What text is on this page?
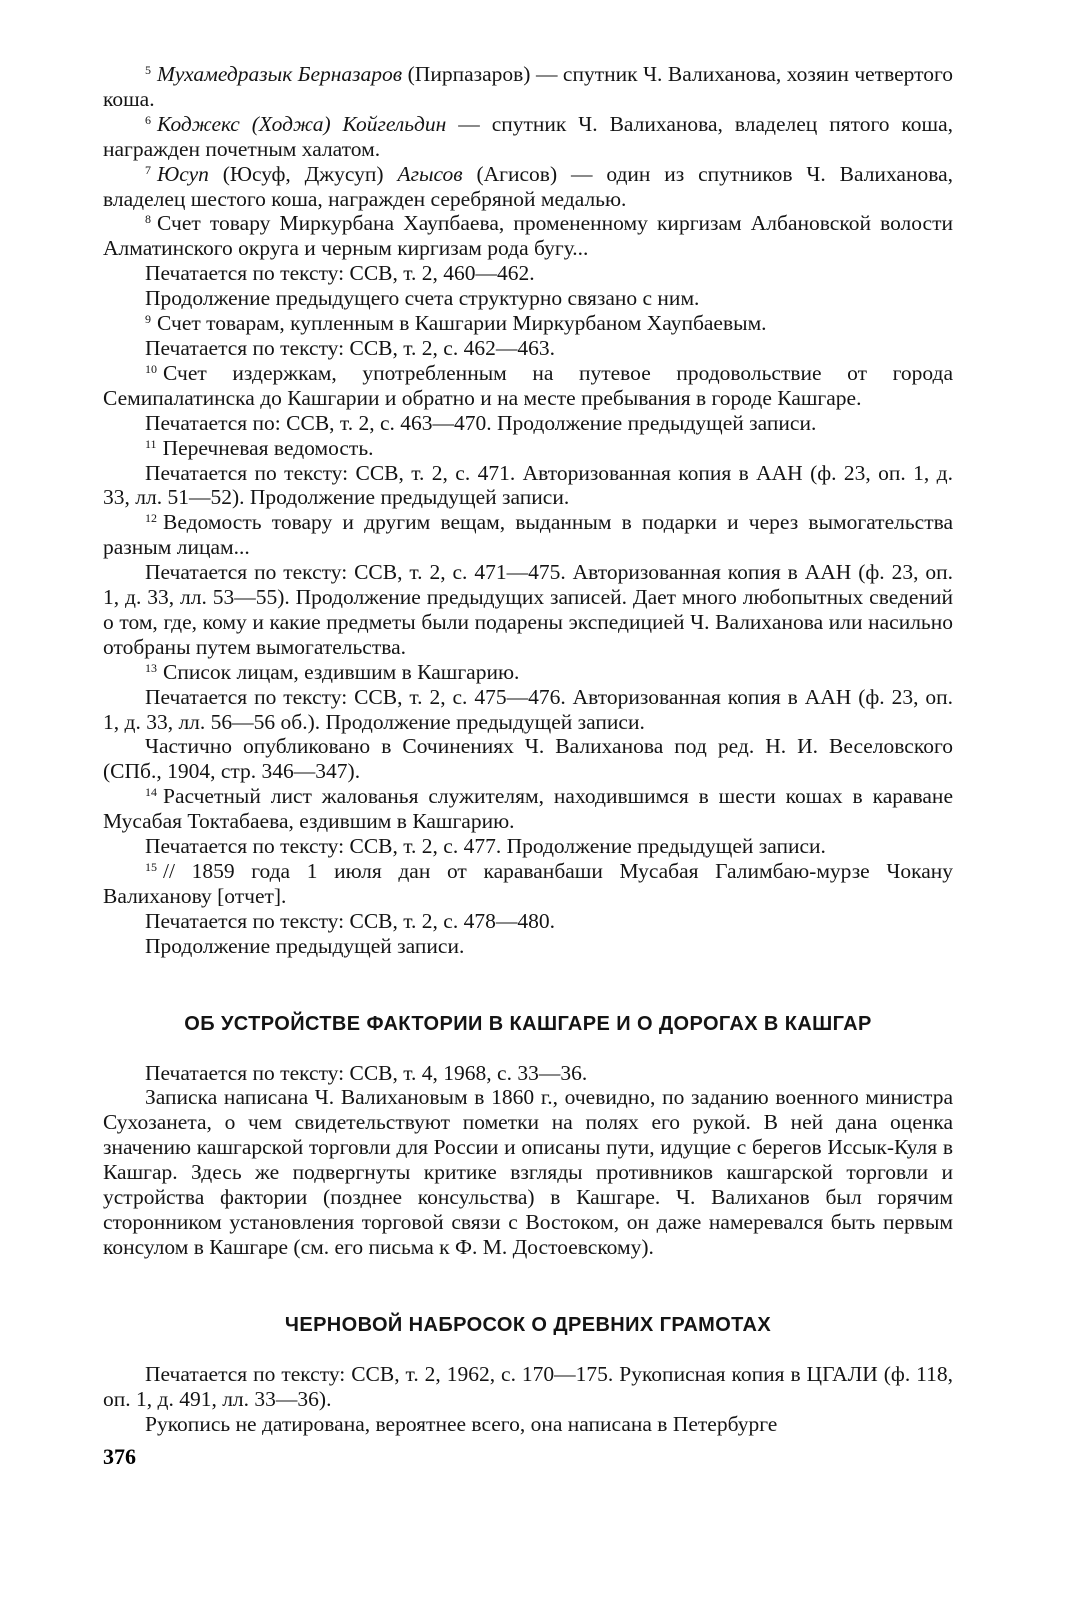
$^5$ Мухамедразык Берназаров (Пирпазаров) — спутник Ч. Валиханова, хозяин четвертого коша.

$^6$ Коджекс (Ходжа) Койгельдин — спутник Ч. Валиханова, владелец пятого коша, награжден почетным халатом.

$^7$ Юсуп (Юсуф, Джусуп) Агысов (Агисов) — один из спутников Ч. Валиханова, владелец шестого коша, награжден серебряной медалью.

$^8$ Счет товару Миркурбана Хаупбаева, промененному киргизам Албановской волости Алматинского округа и черным киргизам рода бугу...

Печатается по тексту: ССВ, т. 2, 460—462.

Продолжение предыдущего счета структурно связано с ним.

$^9$ Счет товарам, купленным в Кашгарии Миркурбаном Хаупбаевым.

Печатается по тексту: ССВ, т. 2, с. 462—463.

$^{10}$ Счет издержкам, употребленным на путевое продовольствие от города Семипалатинска до Кашгарии и обратно и на месте пребывания в городе Кашгаре.

Печатается по: ССВ, т. 2, с. 463—470. Продолжение предыдущей записи.

$^{11}$ Перечневая ведомость.

Печатается по тексту: ССВ, т. 2, с. 471. Авторизованная копия в ААН (ф. 23, оп. 1, д. 33, лл. 51—52). Продолжение предыдущей записи.

$^{12}$ Ведомость товару и другим вещам, выданным в подарки и через вымогательства разным лицам...

Печатается по тексту: ССВ, т. 2, с. 471—475. Авторизованная копия в ААН (ф. 23, оп. 1, д. 33, лл. 53—55). Продолжение предыдущих записей. Дает много любопытных сведений о том, где, кому и какие предметы были подарены экспедицией Ч. Валиханова или насильно отобраны путем вымогательства.

$^{13}$ Список лицам, ездившим в Кашгарию.

Печатается по тексту: ССВ, т. 2, с. 475—476. Авторизованная копия в ААН (ф. 23, оп. 1, д. 33, лл. 56—56 об.). Продолжение предыдущей записи.

Частично опубликовано в Сочинениях Ч. Валиханова под ред. Н. И. Веселовского (СПб., 1904, стр. 346—347).

$^{14}$ Расчетный лист жалованья служителям, находившимся в шести кошах в караване Мусабая Токтабаева, ездившим в Кашгарию.

Печатается по тексту: ССВ, т. 2, с. 477. Продолжение предыдущей записи.

$^{15}$ // 1859 года 1 июля дан от караванбаши Мусабая Галимбаю-мурзе Чокану Валиханову [отчет].

Печатается по тексту: ССВ, т. 2, с. 478—480.

Продолжение предыдущей записи.

ОБ УСТРОЙСТВЕ ФАКТОРИИ В КАШГАРЕ И О ДОРОГАХ В КАШГАР

Печатается по тексту: ССВ, т. 4, 1968, с. 33—36.

Записка написана Ч. Валихановым в 1860 г., очевидно, по заданию военного министра Сухозанета, о чем свидетельствуют пометки на полях его рукой. В ней дана оценка значению кашгарской торговли для России и описаны пути, идущие с берегов Иссык-Куля в Кашгар. Здесь же подвергнуты критике взгляды противников кашгарской торговли и устройства фактории (позднее консульства) в Кашгаре. Ч. Валиханов был горячим сторонником установления торговой связи с Востоком, он даже намеревался быть первым консулом в Кашгаре (см. его письма к Ф. М. Достоевскому).

ЧЕРНОВОЙ НАБРОСОК О ДРЕВНИХ ГРАМОТАХ

Печатается по тексту: ССВ, т. 2, 1962, с. 170—175. Рукописная копия в ЦГАЛИ (ф. 118, оп. 1, д. 491, лл. 33—36).

Рукопись не датирована, вероятнее всего, она написана в Петербурге

376
